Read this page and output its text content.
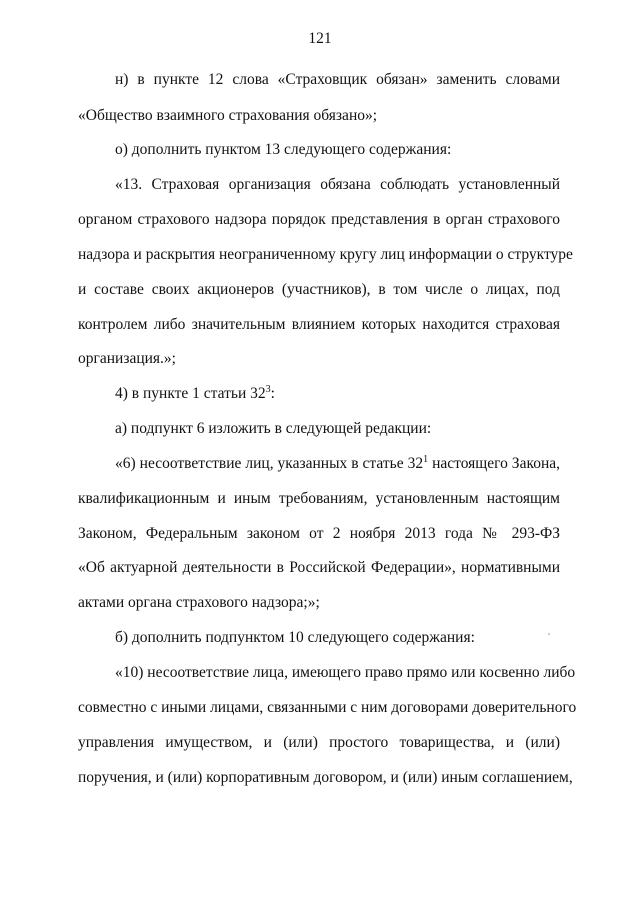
121
н) в пункте 12 слова «Страховщик обязан» заменить словами
«Общество взаимного страхования обязано»;
о) дополнить пунктом 13 следующего содержания:
«13. Страховая организация обязана соблюдать установленный
органом страхового надзора порядок представления в орган страхового
надзора и раскрытия неограниченному кругу лиц информации о структуре
и составе своих акционеров (участников), в том числе о лицах, под
контролем либо значительным влиянием которых находится страховая
организация.»;
4) в пункте 1 статьи $32^3$:
а) подпункт 6 изложить в следующей редакции:
«6) несоответствие лиц, указанных в статье $32^1$ настоящего Закона,
квалификационным и иным требованиям, установленным настоящим
Законом, Федеральным законом от 2 ноября 2013 года № 293-ФЗ
«Об актуарной деятельности в Российской Федерации», нормативными
актами органа страхового надзора;»;
б) дополнить подпунктом 10 следующего содержания:
«10) несоответствие лица, имеющего право прямо или косвенно либо
совместно с иными лицами, связанными с ним договорами доверительного
управления имуществом, и (или) простого товарищества, и (или)
поручения, и (или) корпоративным договором, и (или) иным соглашением,
